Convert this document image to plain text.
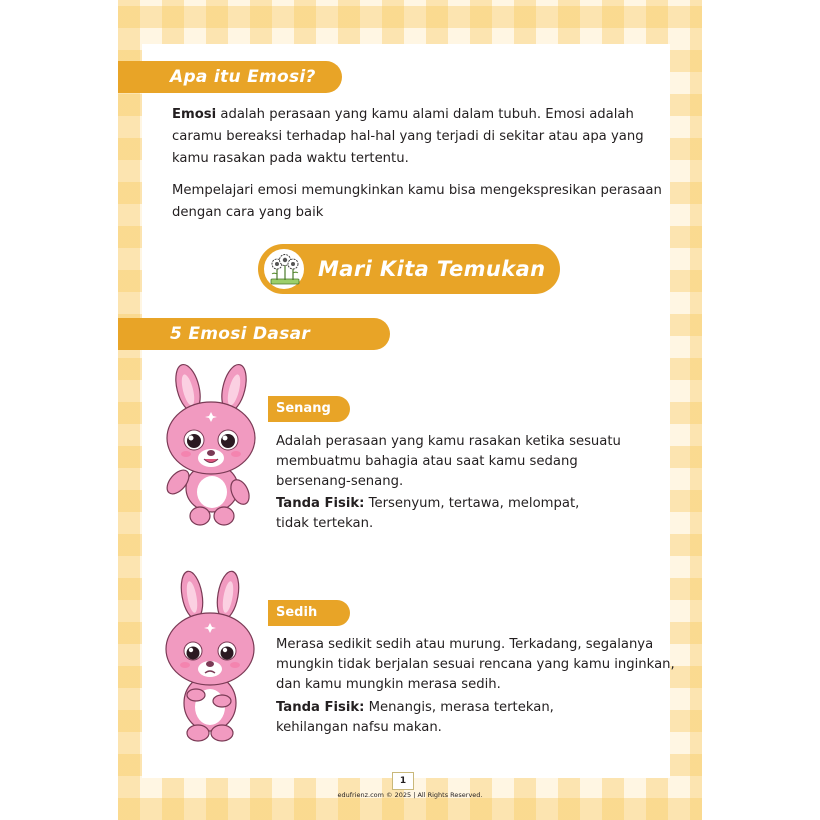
Apa itu Emosi?
Emosi adalah perasaan yang kamu alami dalam tubuh. Emosi adalah
caramu bereaksi terhadap hal-hal yang terjadi di sekitar atau apa yang
kamu rasakan pada waktu tertentu.
Mempelajari emosi memungkinkan kamu bisa mengekspresikan perasaan
dengan cara yang baik
Mari Kita Temukan
5 Emosi Dasar
Senang
Adalah perasaan yang kamu rasakan ketika sesuatu
membuatmu bahagia atau saat kamu sedang
bersenang-senang.
Tanda Fisik: Tersenyum, tertawa, melompat,
tidak tertekan.
Sedih
Merasa sedikit sedih atau murung. Terkadang, segalanya
mungkin tidak berjalan sesuai rencana yang kamu inginkan,
dan kamu mungkin merasa sedih.
Tanda Fisik: Menangis, merasa tertekan,
kehilangan nafsu makan.
1
edufrienz.com © 2025 | All Rights Reserved.
